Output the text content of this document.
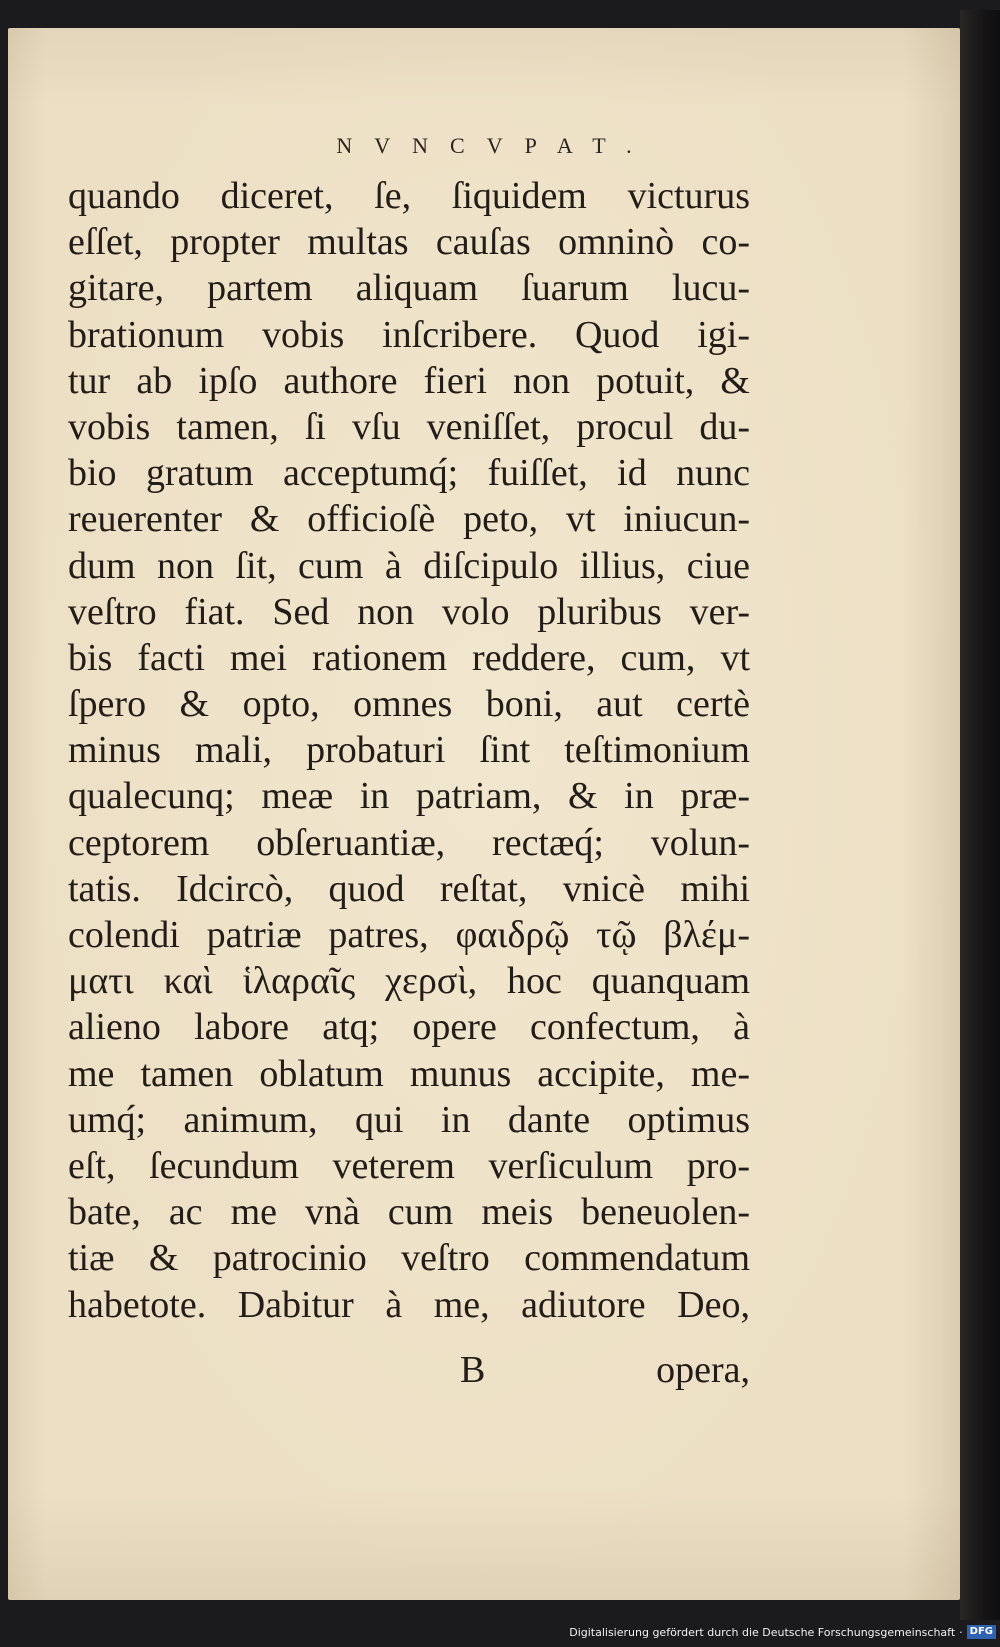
NVNCVPAT.
quando diceret, ſe, ſiquidem victurus
eſſet, propter multas cauſas omninò co-
gitare, partem aliquam ſuarum lucu-
brationum vobis inſcribere. Quod igi-
tur ab ipſo authore fieri non potuit, &
vobis tamen, ſi vſu veniſſet, procul du-
bio gratum acceptumq́; fuiſſet, id nunc
reuerenter & officioſè peto, vt iniucun-
dum non ſit, cum à diſcipulo illius, ciue
veſtro fiat. Sed non volo pluribus ver-
bis facti mei rationem reddere, cum, vt
ſpero & opto, omnes boni, aut certè
minus mali, probaturi ſint teſtimonium
qualecunq; meæ in patriam, & in præ-
ceptorem obſeruantiæ, rectæq́; volun-
tatis. Idcircò, quod reſtat, vnicè mihi
colendi patriæ patres, φαιδρῷ τῷ βλέμ-
ματι καὶ ἱλαραῖς χερσὶ, hoc quanquam
alieno labore atq; opere confectum, à
me tamen oblatum munus accipite, me-
umq́; animum, qui in dante optimus
eſt, ſecundum veterem verſiculum pro-
bate, ac me vnà cum meis beneuolen-
tiæ & patrocinio veſtro commendatum
habetote. Dabitur à me, adiutore Deo,
B	opera,
Digitalisierung gefördert durch die Deutsche Forschungsgemeinschaft · DFG
